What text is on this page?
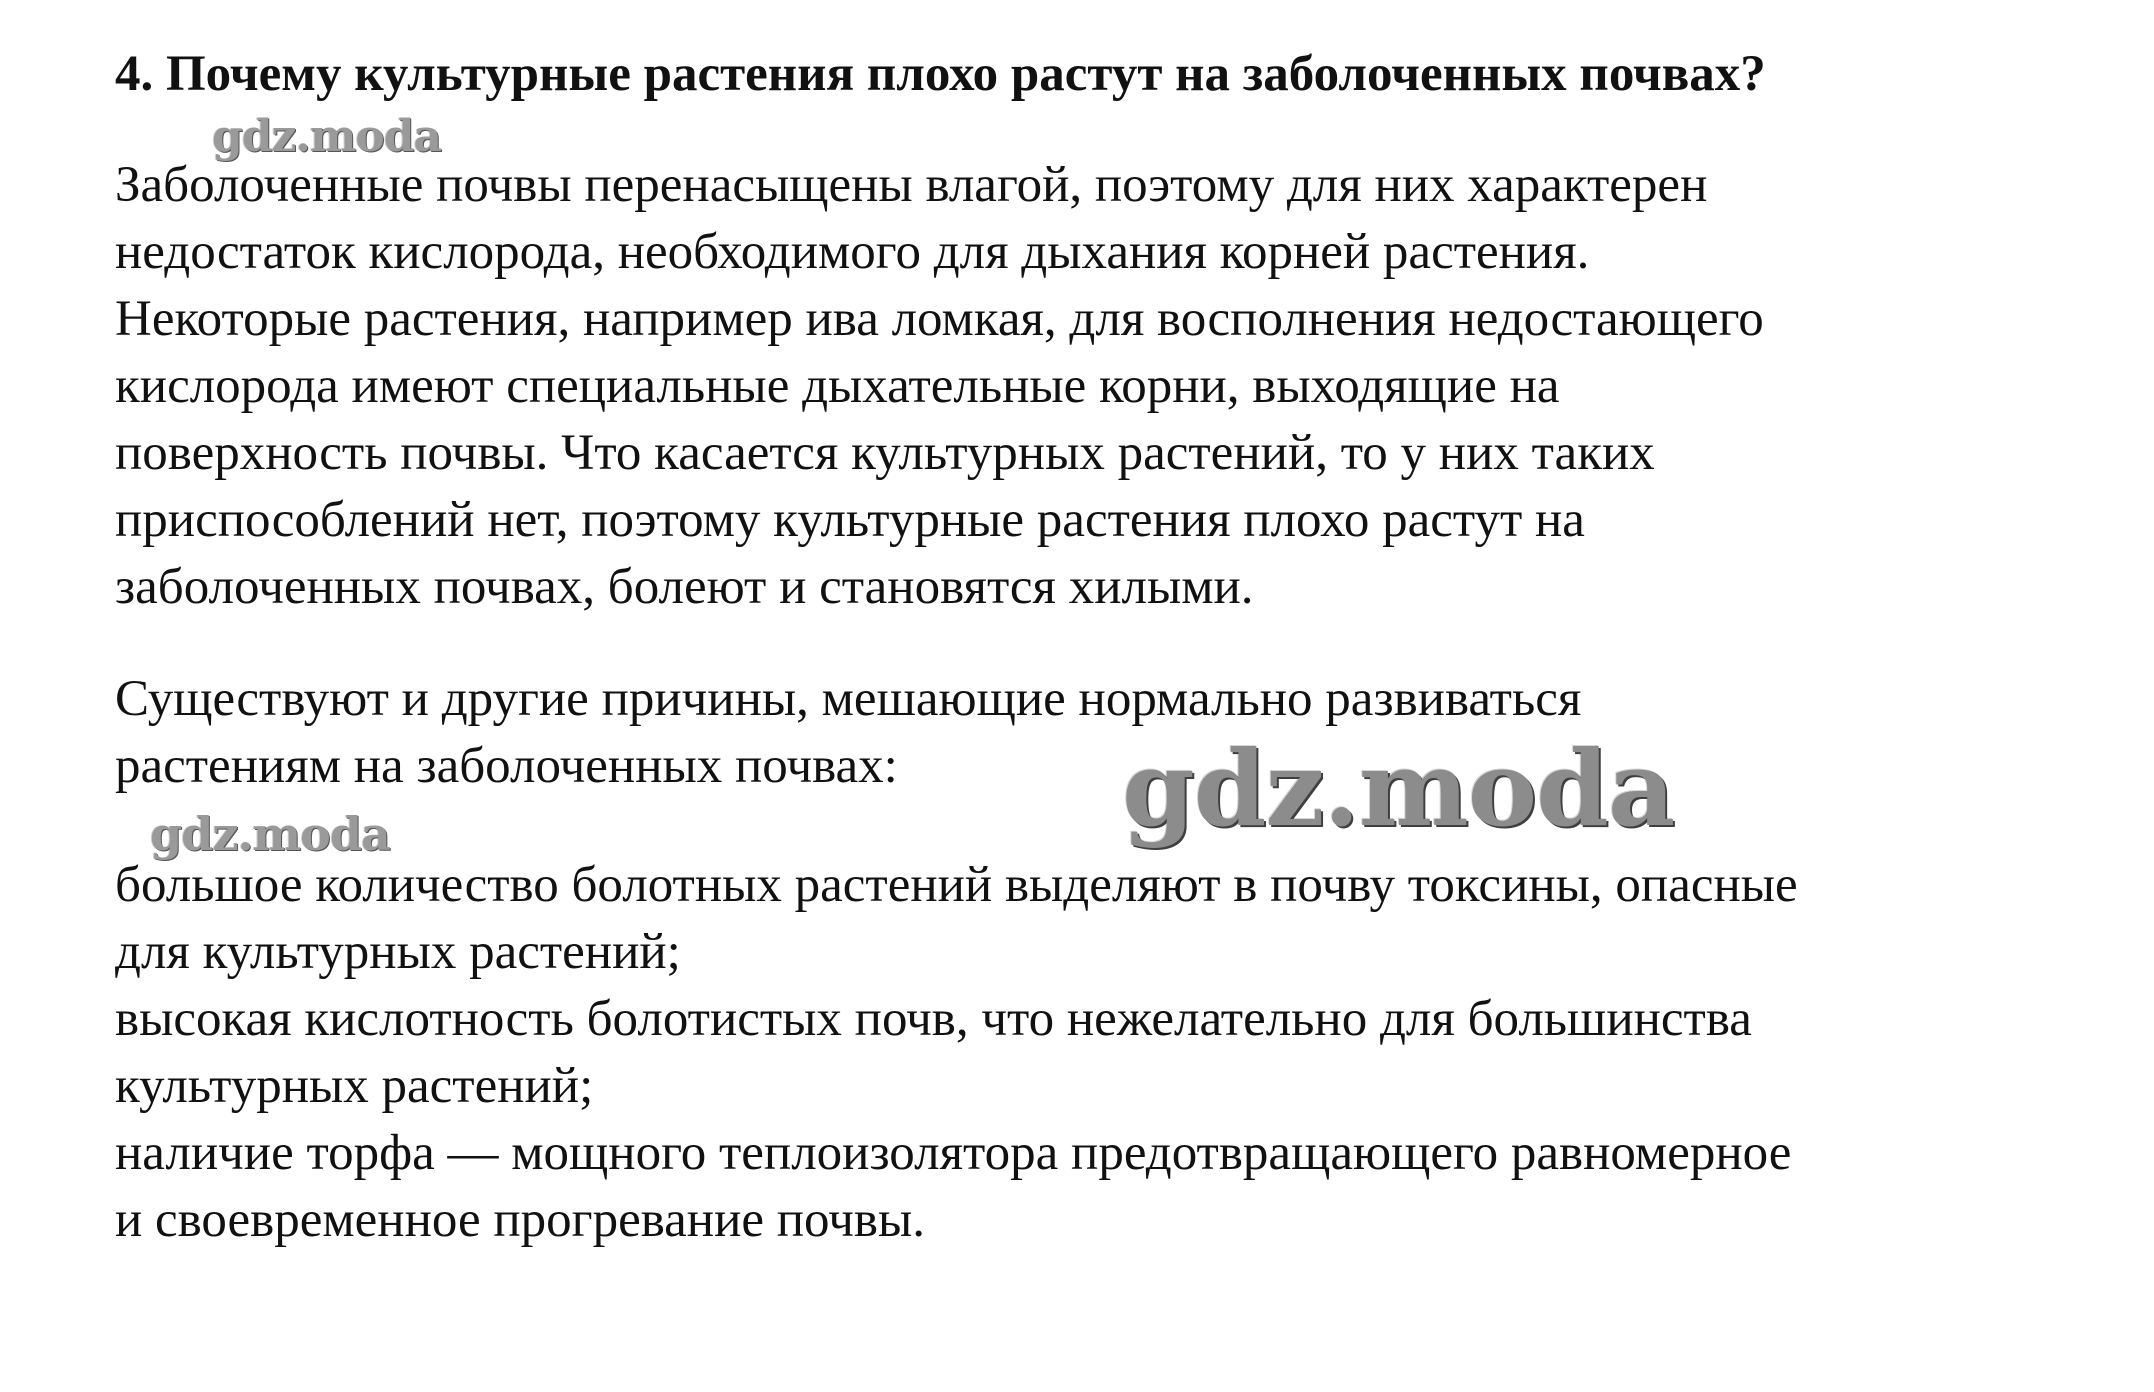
4. Почему культурные растения плохо растут на заболоченных почвах?
gdz.moda
Заболоченные почвы перенасыщены влагой, поэтому для них характерен
недостаток кислорода, необходимого для дыхания корней растения.
Некоторые растения, например ива ломкая, для восполнения недостающего
кислорода имеют специальные дыхательные корни, выходящие на
поверхность почвы. Что касается культурных растений, то у них таких
приспособлений нет, поэтому культурные растения плохо растут на
заболоченных почвах, болеют и становятся хилыми.
Существуют и другие причины, мешающие нормально развиваться
растениям на заболоченных почвах:	gdz.moda
gdz.moda
большое количество болотных растений выделяют в почву токсины, опасные
для культурных растений;
высокая кислотность болотистых почв, что нежелательно для большинства
культурных растений;
наличие торфа — мощного теплоизолятора предотвращающего равномерное
и своевременное прогревание почвы.
